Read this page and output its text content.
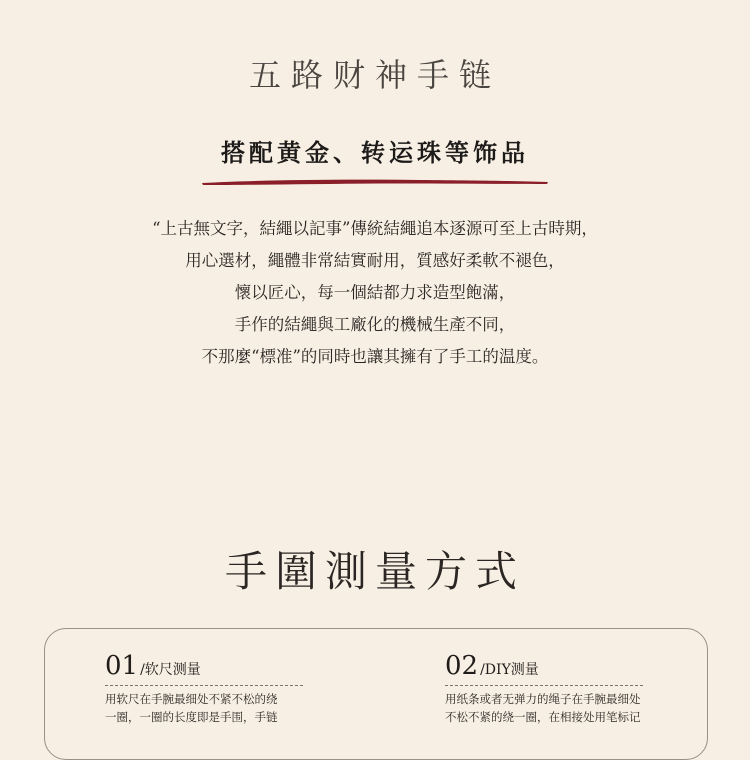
五路财神手链
搭配黄金、转运珠等饰品
“上古無文字，結繩以記事”傳統結繩追本逐源可至上古時期，
用心選材，繩體非常結實耐用，質感好柔軟不褪色，
懷以匠心，每一個結都力求造型飽滿，
手作的結繩與工廠化的機械生產不同，
不那麼“標准”的同時也讓其擁有了手工的温度。
手圍測量方式
01 /软尺测量
用软尺在手腕最细处不紧不松的绕
一圈，一圈的长度即是手围，手链
02 /DIY测量
用纸条或者无弹力的绳子在手腕最细处
不松不紧的绕一圈，在相接处用笔标记
